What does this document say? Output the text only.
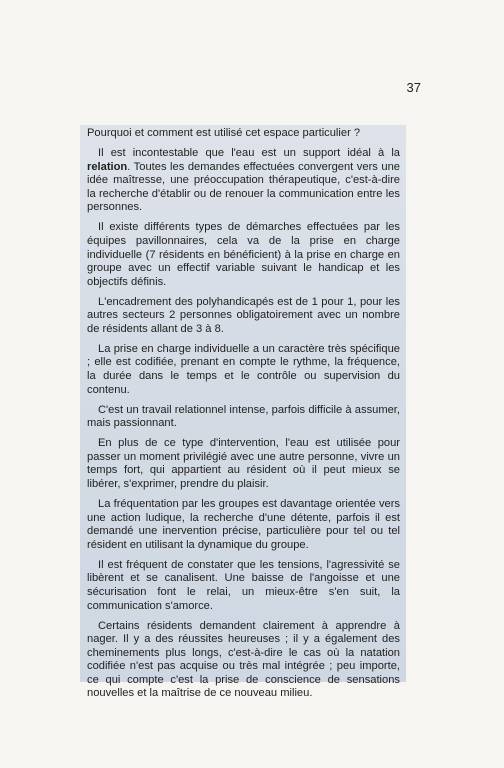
37

Pourquoi et comment est utilisé cet espace particulier ?

Il est incontestable que l'eau est un support idéal à la relation. Toutes les demandes effectuées convergent vers une idée maîtresse, une préoccupation thérapeutique, c'est-à-dire la recherche d'établir ou de renouer la communication entre les personnes.

Il existe différents types de démarches effectuées par les équipes pavillonnaires, cela va de la prise en charge individuelle (7 résidents en bénéficient) à la prise en charge en groupe avec un effectif variable suivant le handicap et les objectifs définis.

L'encadrement des polyhandicapés est de 1 pour 1, pour les autres secteurs 2 personnes obligatoirement avec un nombre de résidents allant de 3 à 8.

La prise en charge individuelle a un caractère très spécifique ; elle est codifiée, prenant en compte le rythme, la fréquence, la durée dans le temps et le contrôle ou supervision du contenu.

C'est un travail relationnel intense, parfois difficile à assumer, mais passionnant.

En plus de ce type d'intervention, l'eau est utilisée pour passer un moment privilégié avec une autre personne, vivre un temps fort, qui appartient au résident où il peut mieux se libérer, s'exprimer, prendre du plaisir.

La fréquentation par les groupes est davantage orientée vers une action ludique, la recherche d'une détente, parfois il est demandé une inervention précise, particulière pour tel ou tel résident en utilisant la dynamique du groupe.

Il est fréquent de constater que les tensions, l'agressivité se libèrent et se canalisent. Une baisse de l'angoisse et une sécurisation font le relai, un mieux-être s'en suit, la communication s'amorce.

Certains résidents demandent clairement à apprendre à nager. Il y a des réussites heureuses ; il y a également des cheminements plus longs, c'est-à-dire le cas où la natation codifiée n'est pas acquise ou très mal intégrée ; peu importe, ce qui compte c'est la prise de conscience de sensations nouvelles et la maîtrise de ce nouveau milieu.
